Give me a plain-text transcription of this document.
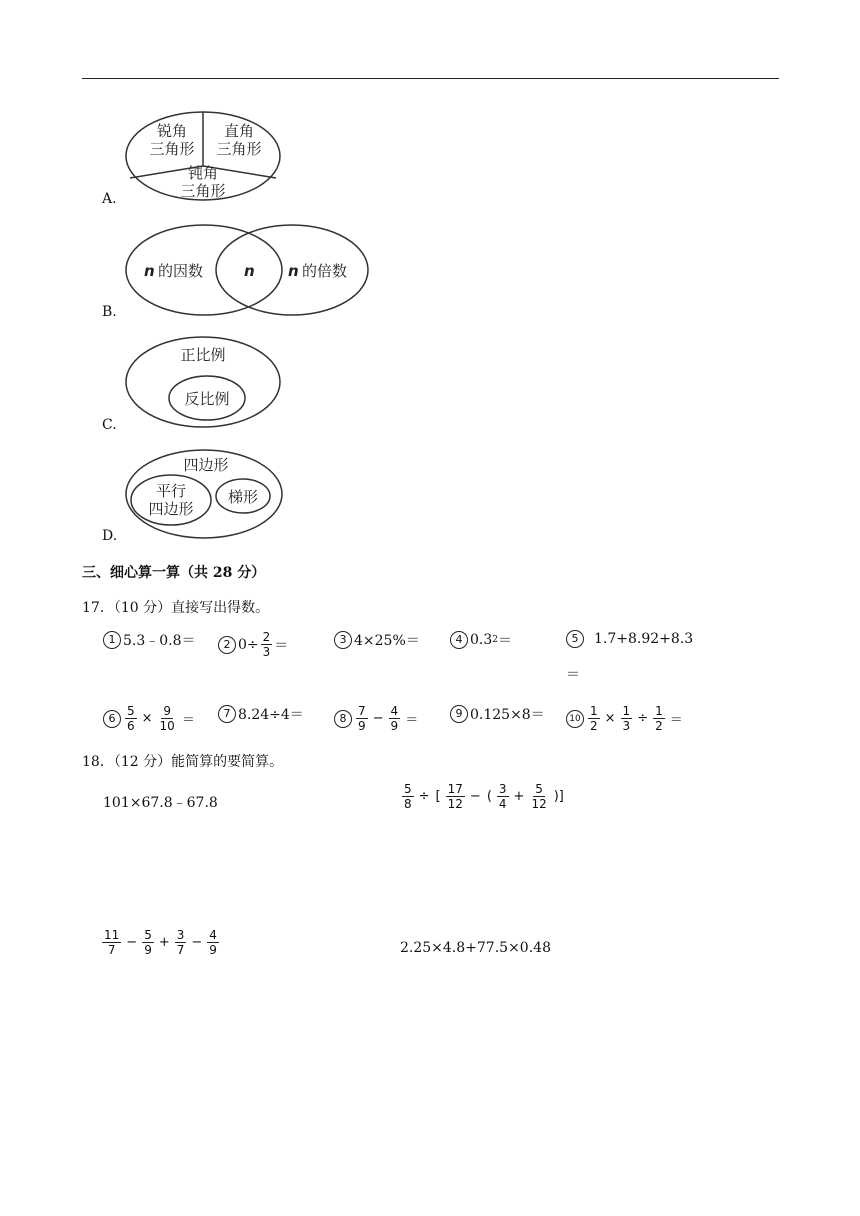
锐角
三角形
直角
三角形
钝角
三角形
A.
n 的因数	n n 的倍数
B.
正比例
反比例
C.
四边形
平行
四边形
梯形
D.
三、细心算一算（共 28 分）
17．（10 分）直接写出得数。
1 5.3﹣0.8＝	2 $0\div \frac{2}{3}$ ＝	3 4×25%＝	4 0.3 2 ＝	5	1.7+8.92+8.3
＝
$6 \frac{5}{6} \times \frac{9}{10}$ ＝	7 8.24÷4＝	$8 \frac{7}{9} - \frac{4}{9}$ ＝	9 0.125×8＝	$10 \frac{1}{2} \times \frac{1}{3} \div \frac{1}{2}$ ＝
18．（12 分）能简算的要简算。
101×67.8﹣67.8	$\frac{5}{8}$ ÷ [ $\frac{17}{12}$ − ( $\frac{3}{4} + \frac{5}{12}$ )]
$\frac{11}{7} - \frac{5}{9} + \frac{3}{7} - \frac{4}{9}$	2.25×4.8+77.5×0.48
